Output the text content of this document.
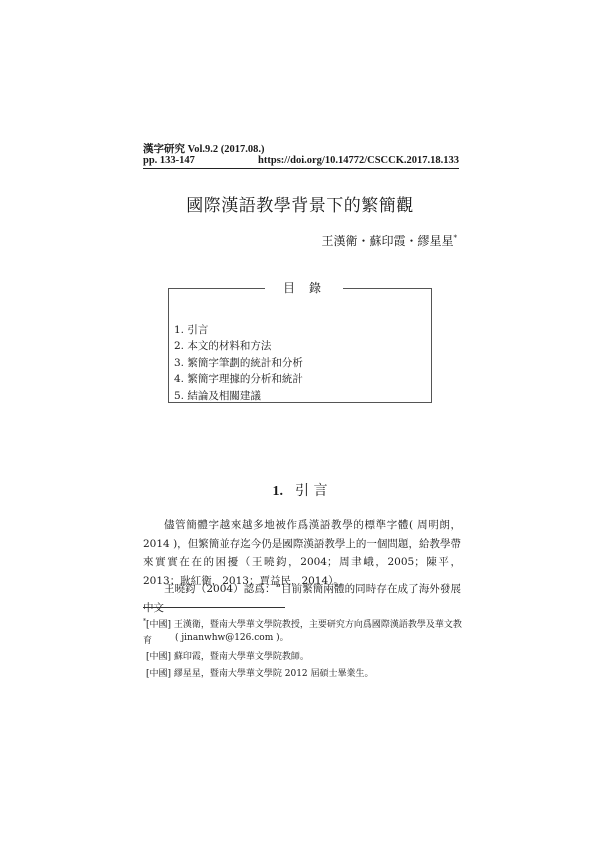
漢字研究 Vol.9.2 (2017.08.)
pp. 133-147	https://doi.org/10.14772/CSCCK.2017.18.133
國際漢語教學背景下的繁簡觀
王漢衛・蘇印霞・繆星星*
目錄
1. 引言
2. 本文的材料和方法
3. 繁簡字筆劃的統計和分析
4. 繁簡字理據的分析和統計
5. 結論及相關建議
1. 引 言
儘管簡體字越來越多地被作爲漢語教學的標準字體( 周明朗，2014 )，但繁簡並存迄今仍是國際漢語教學上的一個問題，給教學帶來實實在在的困擾（王曉鈞，2004；周聿峨，2005；陳平，2013；耿紅衛，2013；賈益民，2014）。
王曉鈞（2004）認爲：“目前繁簡兩體的同時存在成了海外發展中文
*[中國] 王漢衛，暨南大學華文學院教授，主要研究方向爲國際漢語教學及華文教育	( jinanwhw@126.com )。
[中國] 蘇印霞，暨南大學華文學院教師。
[中國] 繆星星，暨南大學華文學院 2012 屆碩士畢業生。
